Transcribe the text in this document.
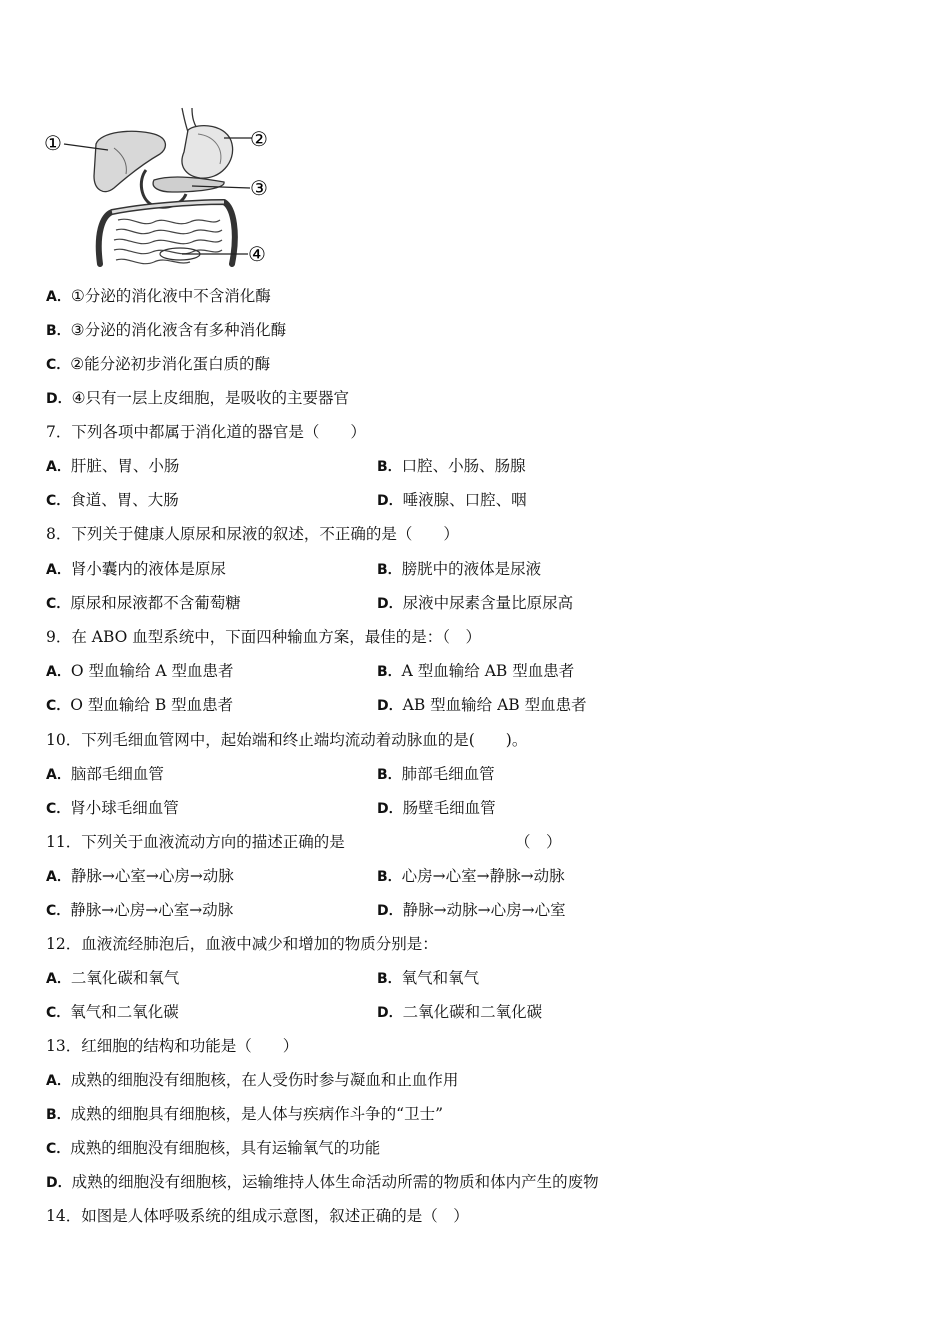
①	②
③
④
A．①分泌的消化液中不含消化酶
B．③分泌的消化液含有多种消化酶
C．②能分泌初步消化蛋白质的酶
D．④只有一层上皮细胞，是吸收的主要器官
7．下列各项中都属于消化道的器官是（　　）
A．肝脏、胃、小肠	B．口腔、小肠、肠腺
C．食道、胃、大肠	D．唾液腺、口腔、咽
8．下列关于健康人原尿和尿液的叙述，不正确的是（　　）
A．肾小囊内的液体是原尿	B．膀胱中的液体是尿液
C．原尿和尿液都不含葡萄糖	D．尿液中尿素含量比原尿高
9．在 ABO 血型系统中，下面四种输血方案，最佳的是：（　）
A．O 型血输给 A 型血患者	B．A 型血输给 AB 型血患者
C．O 型血输给 B 型血患者	D．AB 型血输给 AB 型血患者
10．下列毛细血管网中，起始端和终止端均流动着动脉血的是(　　)。
A．脑部毛细血管	B．肺部毛细血管
C．肾小球毛细血管	D．肠壁毛细血管
11．下列关于血液流动方向的描述正确的是	（　）
A．静脉→心室→心房→动脉	B．心房→心室→静脉→动脉
C．静脉→心房→心室→动脉	D．静脉→动脉→心房→心室
12．血液流经肺泡后，血液中减少和增加的物质分别是：
A．二氧化碳和氧气	B．氧气和氧气
C．氧气和二氧化碳	D．二氧化碳和二氧化碳
13．红细胞的结构和功能是（　　）
A．成熟的细胞没有细胞核，在人受伤时参与凝血和止血作用
B．成熟的细胞具有细胞核，是人体与疾病作斗争的“卫士”
C．成熟的细胞没有细胞核，具有运输氧气的功能
D．成熟的细胞没有细胞核，运输维持人体生命活动所需的物质和体内产生的废物
14．如图是人体呼吸系统的组成示意图，叙述正确的是（　）
